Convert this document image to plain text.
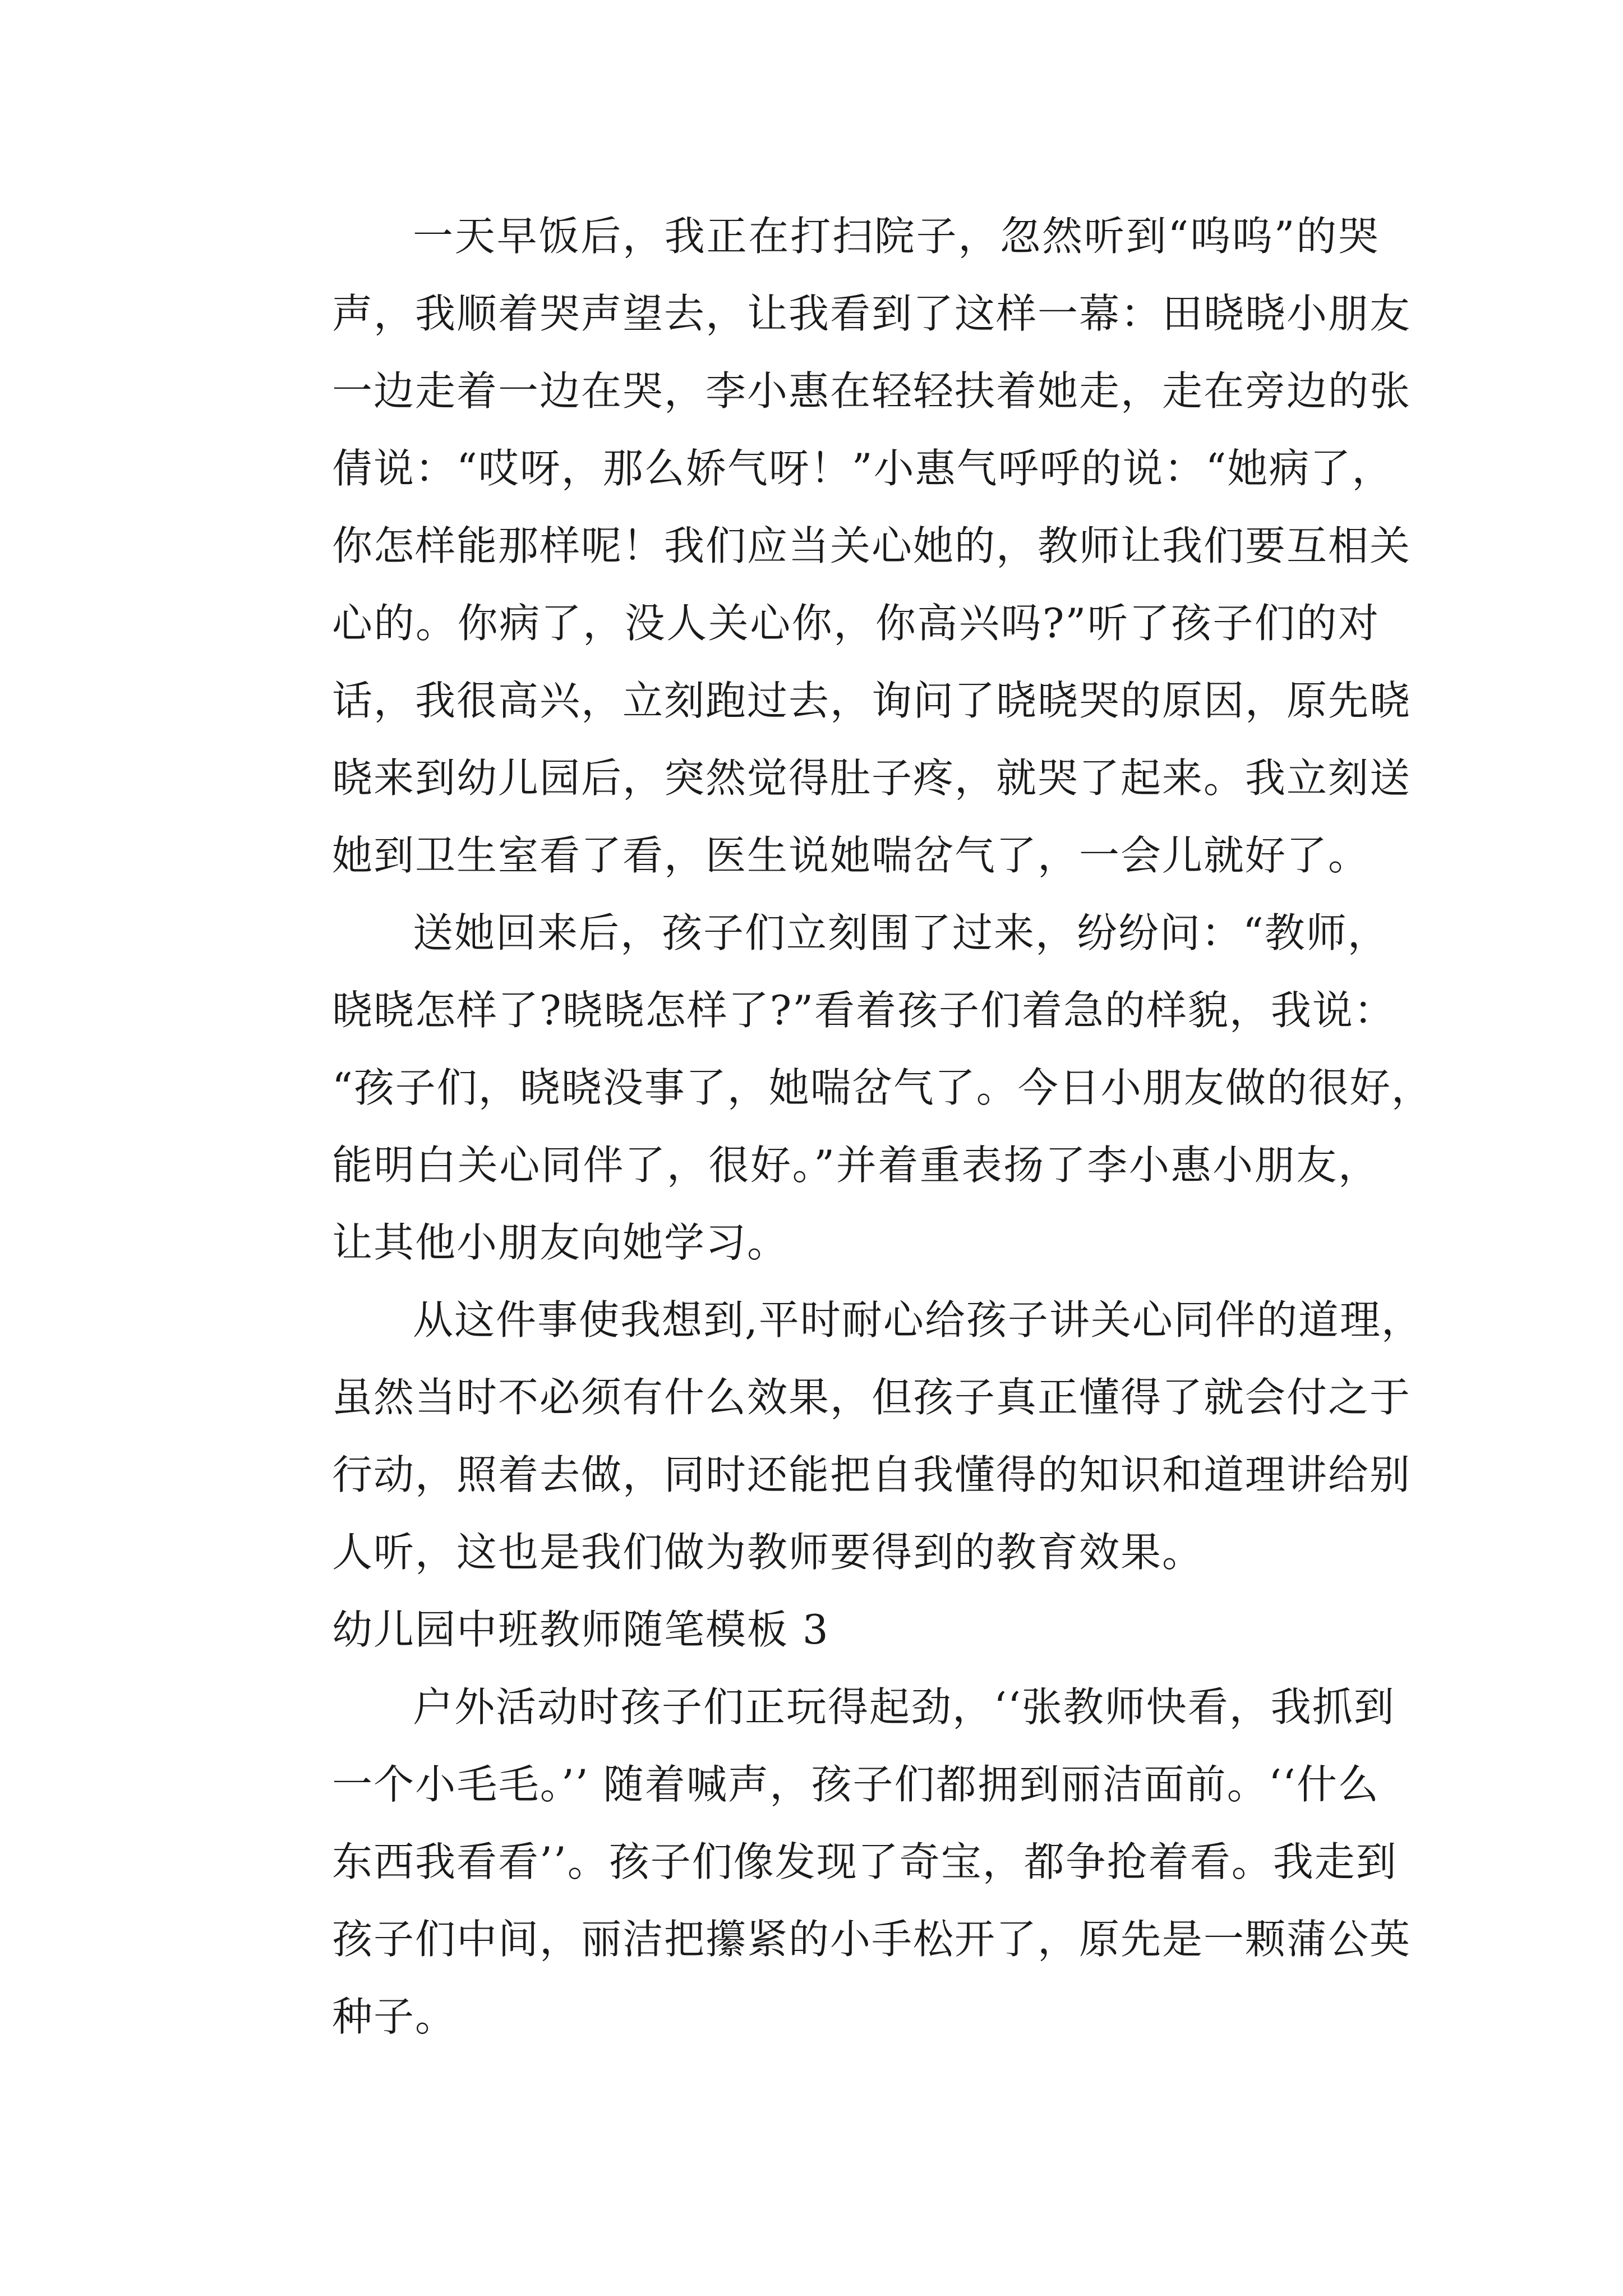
一天早饭后，我正在打扫院子，忽然听到“呜呜”的哭
声，我顺着哭声望去，让我看到了这样一幕：田晓晓小朋友
一边走着一边在哭，李小惠在轻轻扶着她走，走在旁边的张
倩说：“哎呀，那么娇气呀！”小惠气呼呼的说：“她病了，
你怎样能那样呢！我们应当关心她的，教师让我们要互相关
心的。你病了，没人关心你，你高兴吗?”听了孩子们的对
话，我很高兴，立刻跑过去，询问了晓晓哭的原因，原先晓
晓来到幼儿园后，突然觉得肚子疼，就哭了起来。我立刻送
她到卫生室看了看，医生说她喘岔气了，一会儿就好了。
送她回来后，孩子们立刻围了过来，纷纷问：“教师，
晓晓怎样了?晓晓怎样了?”看着孩子们着急的样貌，我说：
“孩子们，晓晓没事了，她喘岔气了。今日小朋友做的很好，
能明白关心同伴了，很好。”并着重表扬了李小惠小朋友，
让其他小朋友向她学习。
从这件事使我想到,平时耐心给孩子讲关心同伴的道理，
虽然当时不必须有什么效果，但孩子真正懂得了就会付之于
行动，照着去做，同时还能把自我懂得的知识和道理讲给别
人听，这也是我们做为教师要得到的教育效果。
幼儿园中班教师随笔模板 3
户外活动时孩子们正玩得起劲，‘‘张教师快看，我抓到
一个小毛毛。’’ 随着喊声，孩子们都拥到丽洁面前。‘‘什么
东西我看看’’。孩子们像发现了奇宝，都争抢着看。我走到
孩子们中间，丽洁把攥紧的小手松开了，原先是一颗蒲公英
种子。
